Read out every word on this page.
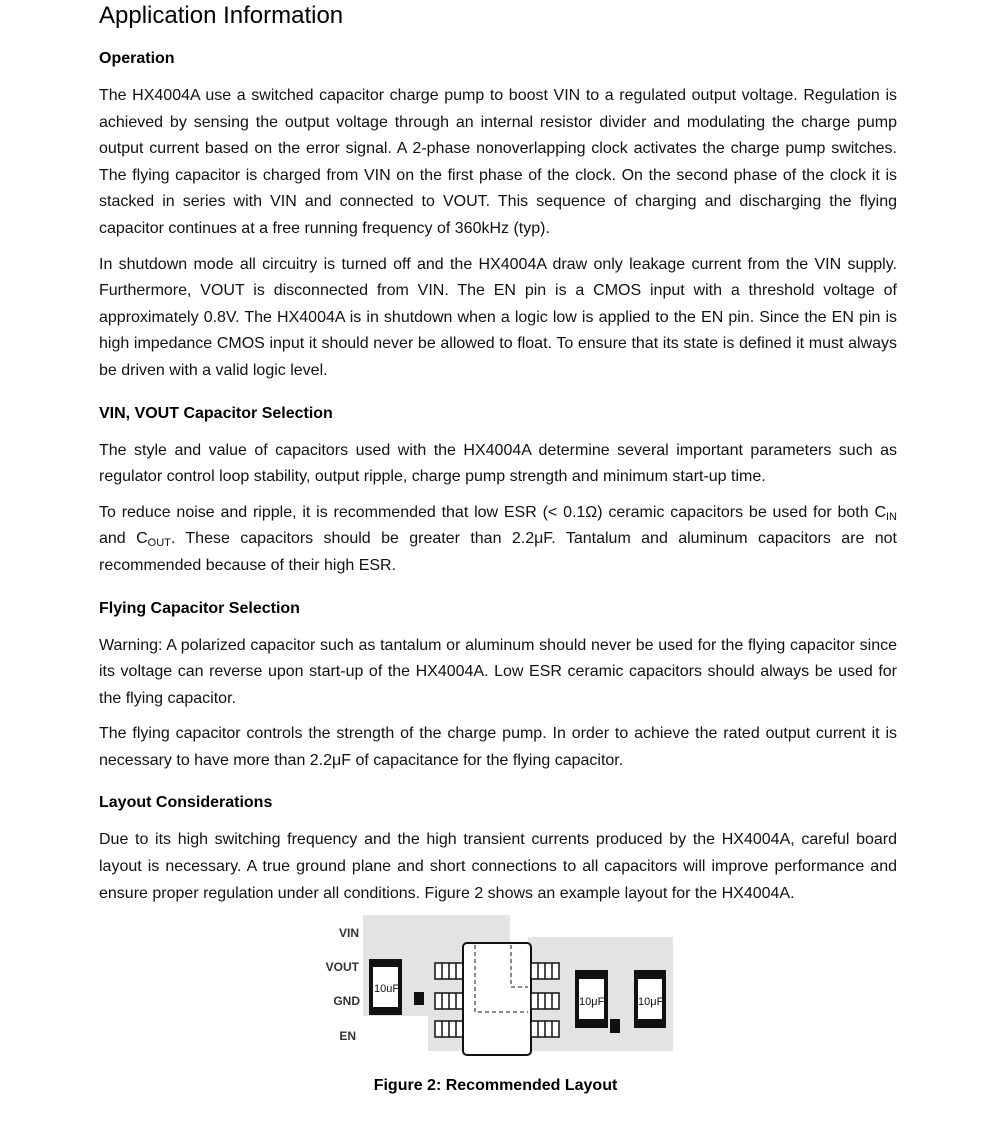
Application Information
Operation

The HX4004A use a switched capacitor charge pump to boost VIN to a regulated output voltage. Regulation is achieved by sensing the output voltage through an internal resistor divider and modulating the charge pump output current based on the error signal. A 2-phase nonoverlapping clock activates the charge pump switches. The flying capacitor is charged from VIN on the first phase of the clock. On the second phase of the clock it is stacked in series with VIN and connected to VOUT. This sequence of charging and discharging the flying capacitor continues at a free running frequency of 360kHz (typ).

In shutdown mode all circuitry is turned off and the HX4004A draw only leakage current from the VIN supply. Furthermore, VOUT is disconnected from VIN. The EN pin is a CMOS input with a threshold voltage of approximately 0.8V. The HX4004A is in shutdown when a logic low is applied to the EN pin. Since the EN pin is high impedance CMOS input it should never be allowed to float. To ensure that its state is defined it must always be driven with a valid logic level.

VIN, VOUT Capacitor Selection

The style and value of capacitors used with the HX4004A determine several important parameters such as regulator control loop stability, output ripple, charge pump strength and minimum start-up time.

To reduce noise and ripple, it is recommended that low ESR (< 0.1Ω) ceramic capacitors be used for both $C_{IN}$ and $C_{OUT}$. These capacitors should be greater than 2.2μF. Tantalum and aluminum capacitors are not recommended because of their high ESR.

Flying Capacitor Selection

Warning: A polarized capacitor such as tantalum or aluminum should never be used for the flying capacitor since its voltage can reverse upon start-up of the HX4004A. Low ESR ceramic capacitors should always be used for the flying capacitor.

The flying capacitor controls the strength of the charge pump. In order to achieve the rated output current it is necessary to have more than 2.2μF of capacitance for the flying capacitor.

Layout Considerations

Due to its high switching frequency and the high transient currents produced by the HX4004A, careful board layout is necessary. A true ground plane and short connections to all capacitors will improve performance and ensure proper regulation under all conditions. Figure 2 shows an example layout for the HX4004A.

VIN
VOUT
GND
EN
10uF
10μF	10μF
Figure 2: Recommended Layout
